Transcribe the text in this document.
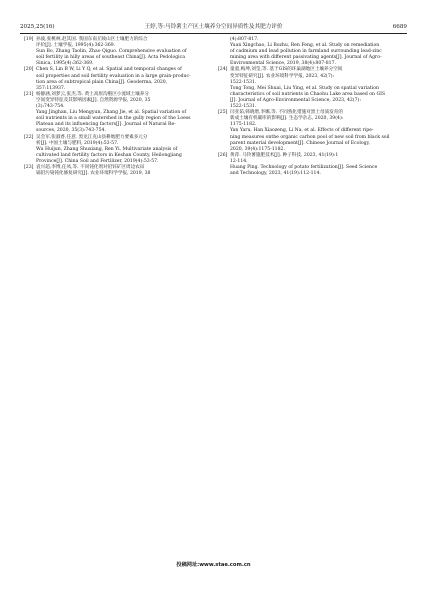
2025,25(16)	王婷,等:马铃薯主产区土壤养分空间异质性及其肥力评价	6689
[19] 孙波,张桃林,赵其国. 我国东南丘陵山区土壤肥力的综合
评价[J]. 土壤学报, 1995(4):362-369.
Sun Bo, Zhang Taolin, Zhao Qiguo. Comprehensive evaluation of
soil fertility in hilly areas of southeast China[J]. Acta Pedologica
Sinica, 1995(4):362-369.
[20] Chen S, Lin B W, Li Y Q, et al. Spatial and temporal changes of
soil properties and soil fertility evaluation in a large grain-produc-
tion area of subtropical plain China[J]. Geoderma, 2020,
357:113937.
[21] 杨静涵,刘梦云,张杰,等. 黄土高原沟壑区小流域土壤养分
空间变异特征及其影响因素[J]. 自然资源学报, 2020, 35
(3):743-754.
Yang Jinghan, Liu Mengyun, Zhang Jie, et al. Spatial variation of
soil nutrients in a small watershed in the gully region of the Loess
Plateau and its influencing factors[J]. Journal of Natural Re-
sources, 2020, 35(3):743-754.
[22] 吴会军,张淑香,任意. 黑龙江克山县耕地肥力要素多元分
析[J]. 中国土壤与肥料, 2019(4):53-57.
Wu Huijun, Zhang Shuxiang, Ren Yi. Multivariate analysis of
cultivated land fertility factors in Keshan County, Heilongjiang
Province[J]. China Soil and Fertilizer, 2019(4):53-57.
[23] 袁兴超,李博,任凤,等. 不同钝化剂对铅锌矿区周边农田
镉铅污染钝化修复研究[J]. 农业环境科学学报, 2019, 38
(4):807-817.
Yuan Xingchao, Li Bozhu, Ren Feng, et al. Study on remediation
of cadmium and lead pollution in farmland surrounding lead-zinc
mining area with different passivating agents[J]. Journal of Agro-
Environmental Science, 2019, 38(4):807-817.
[24] 童童,梅坤,刘莹,等. 基于GIS的环巢湖地区土壤养分空间
变异特征研究[J]. 农业环境科学学报, 2023, 42(7):
1522-1531.
Tong Tong, Mei Shuai, Liu Ying, et al. Study on spatial variation
characteristics of soil nutrients in Chaohu Lake area based on GIS
[J]. Journal of Agro-Environmental Science, 2023, 42(7):
1522-1531.
[25] 闫亚茹,韩晓增,李娜,等. 不同熟化措施对黑土母质发育的
新成土壤有机碳库的影响[J]. 生态学杂志, 2020, 39(4):
1175-1182.
Yan Yaru, Han Xiaozeng, Li Na, et al. Effects of different ripe-
ning measures onthe organic carbon pool of new soil from black soil
parent material development[J]. Chinese Journal of Ecology,
2020, 39(4):1175-1182.
[26] 黄萍. 马铃薯施肥技术[J]. 种子科技, 2023, 41(19):1
12-114.
Huang Ping. Technology of potato fertilization[J]. Seed Science
and Technology, 2023, 41(19):112-114.
投稿网址:www.stae.com.cn
